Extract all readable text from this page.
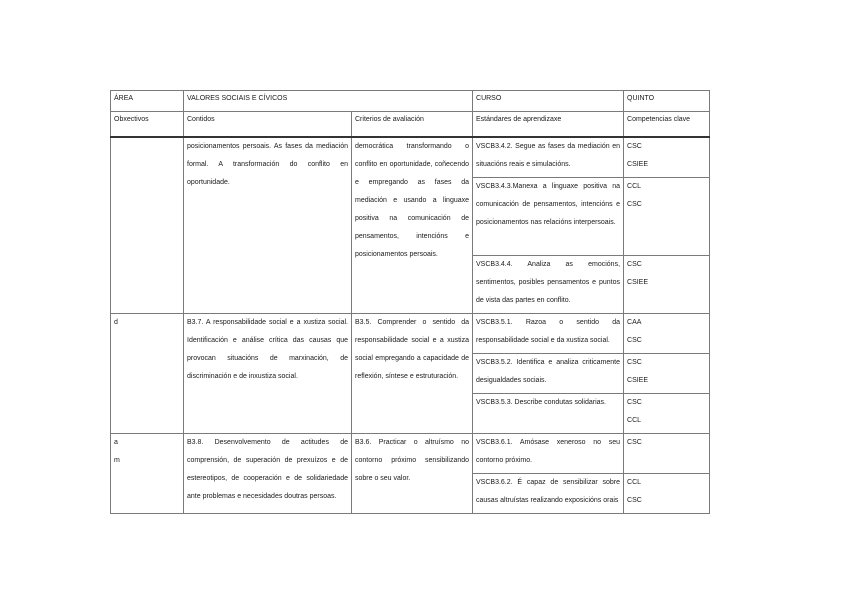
ÁREA	VALORES SOCIAIS E CÍVICOS		CURSO	QUINTO
Obxectivos	Contidos	Criterios de avaliación	Estándares de aprendizaxe	Competencias clave
	posicionamentos persoais. As fases da mediación formal. A transformación do conflito en oportunidade.	democrática transformando o conflito en oportunidade, coñecendo e empregando as fases da mediación e usando a linguaxe positiva na comunicación de pensamentos, intencións e posicionamentos persoais.	VSCB3.4.2. Segue as fases da mediación en situacións reais e simulacións.	CSC
CSIEE

			VSCB3.4.3.Manexa a linguaxe positiva na comunicación de pensamentos, intencións e posicionamentos nas relacións interpersoais.	CCL
CSC

			VSCB3.4.4. Analiza as emocións, sentimentos, posibles pensamentos e puntos de vista das partes en conflito.	CSC
CSIEE

d	B3.7. A responsabilidade social e a xustiza social. Identificación e análise crítica das causas que provocan situacións de marxinación, de discriminación e de inxustiza social.	B3.5. Comprender o sentido da responsabilidade social e a xustiza social empregando a capacidade de reflexión, síntese e estruturación.	VSCB3.5.1. Razoa o sentido da responsabilidade social e da xustiza social.	CAA
CSC

			VSCB3.5.2. Identifica e analiza criticamente desigualdades sociais.	CSC
CSIEE

			VSCB3.5.3. Describe condutas solidarias.	CSC
CCL

a
m	B3.8. Desenvolvemento de actitudes de comprensión, de superación de prexuízos e de estereotipos, de cooperación e de solidariedade ante problemas e necesidades doutras persoas.	B3.6. Practicar o altruísmo no contorno próximo sensibilizando sobre o seu valor.	VSCB3.6.1. Amósase xeneroso no seu contorno próximo.	CSC

			VSCB3.6.2. É capaz de sensibilizar sobre causas altruístas realizando exposicións orais	CCL
CSC
